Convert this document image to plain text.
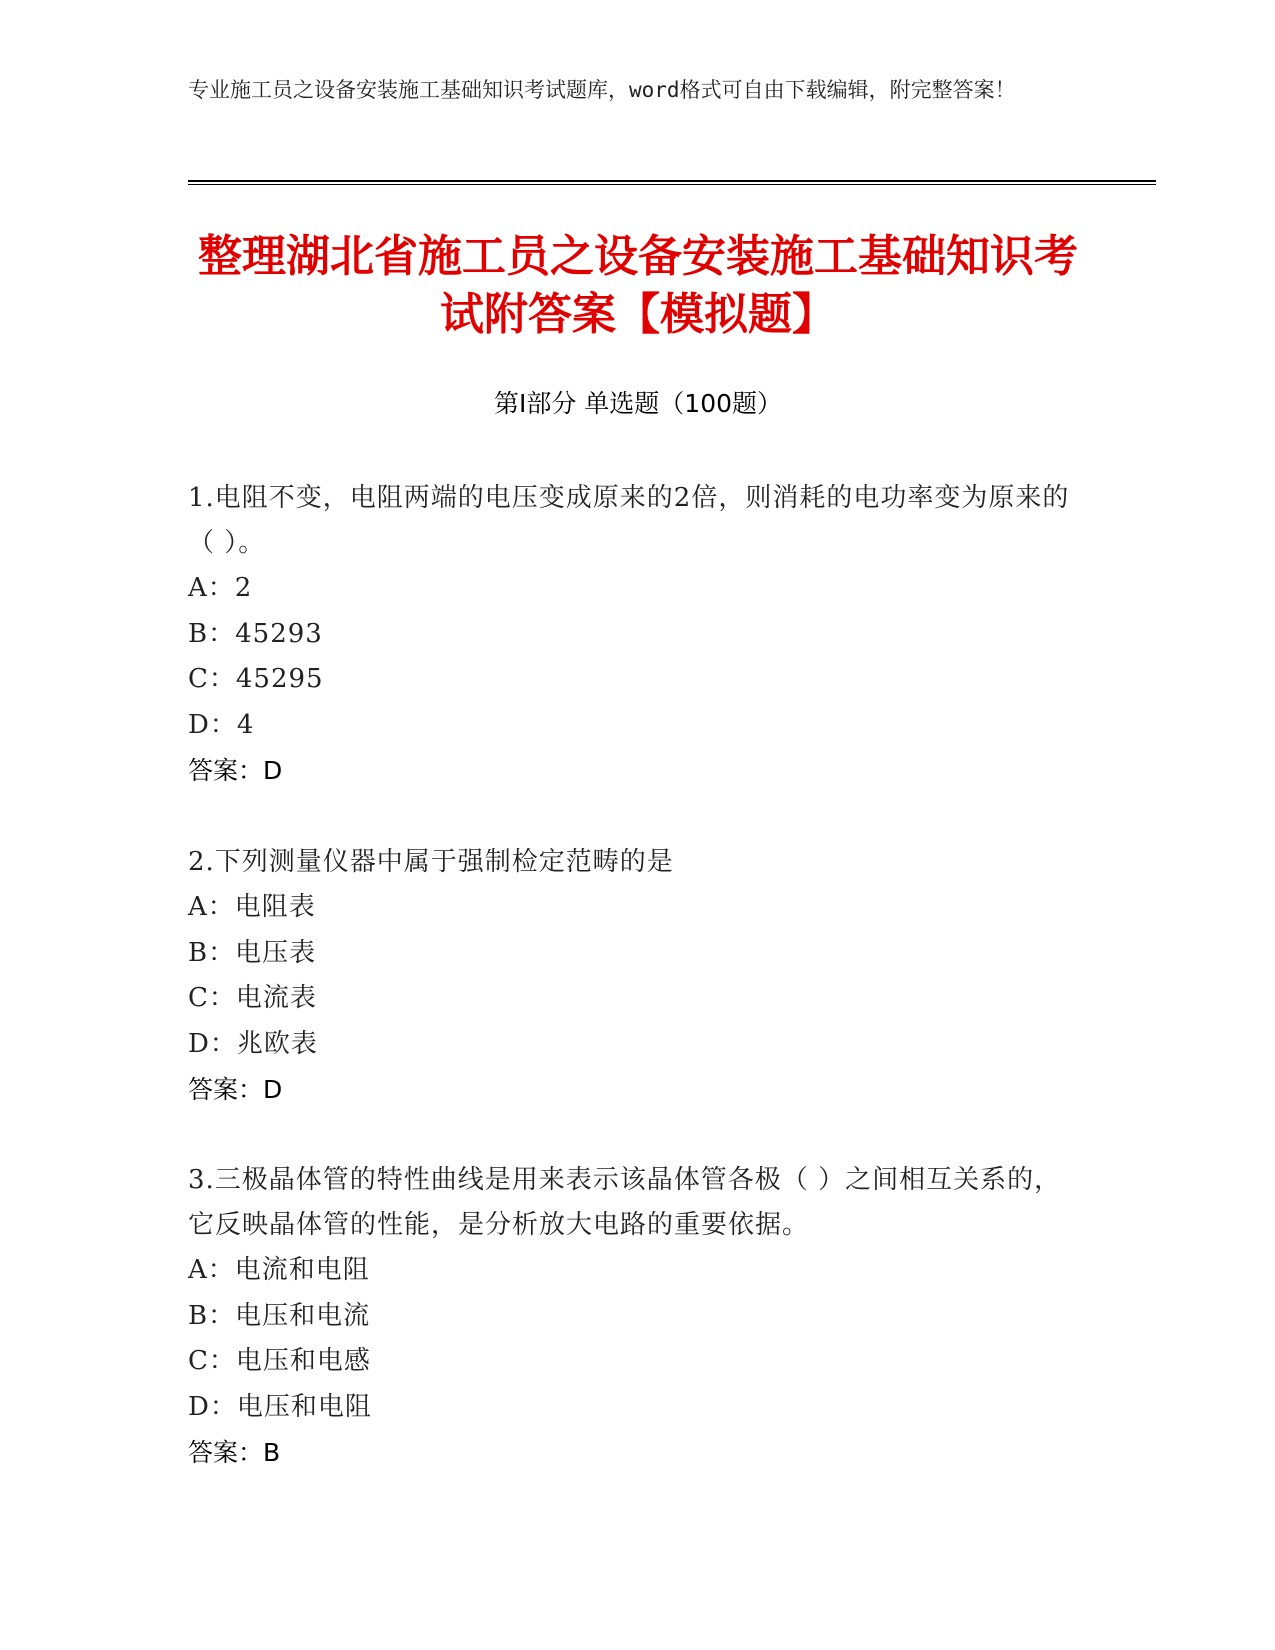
专业施工员之设备安装施工基础知识考试题库，word格式可自由下载编辑，附完整答案！
整理湖北省施工员之设备安装施工基础知识考试附答案【模拟题】
第Ⅰ部分 单选题（100题）
1.电阻不变，电阻两端的电压变成原来的2倍，则消耗的电功率变为原来的（ ）。
A：2
B：45293
C：45295
D：4
答案：D
2.下列测量仪器中属于强制检定范畴的是
A：电阻表
B：电压表
C：电流表
D：兆欧表
答案：D
3.三极晶体管的特性曲线是用来表示该晶体管各极（ ）之间相互关系的，它反映晶体管的性能，是分析放大电路的重要依据。
A：电流和电阻
B：电压和电流
C：电压和电感
D：电压和电阻
答案：B
